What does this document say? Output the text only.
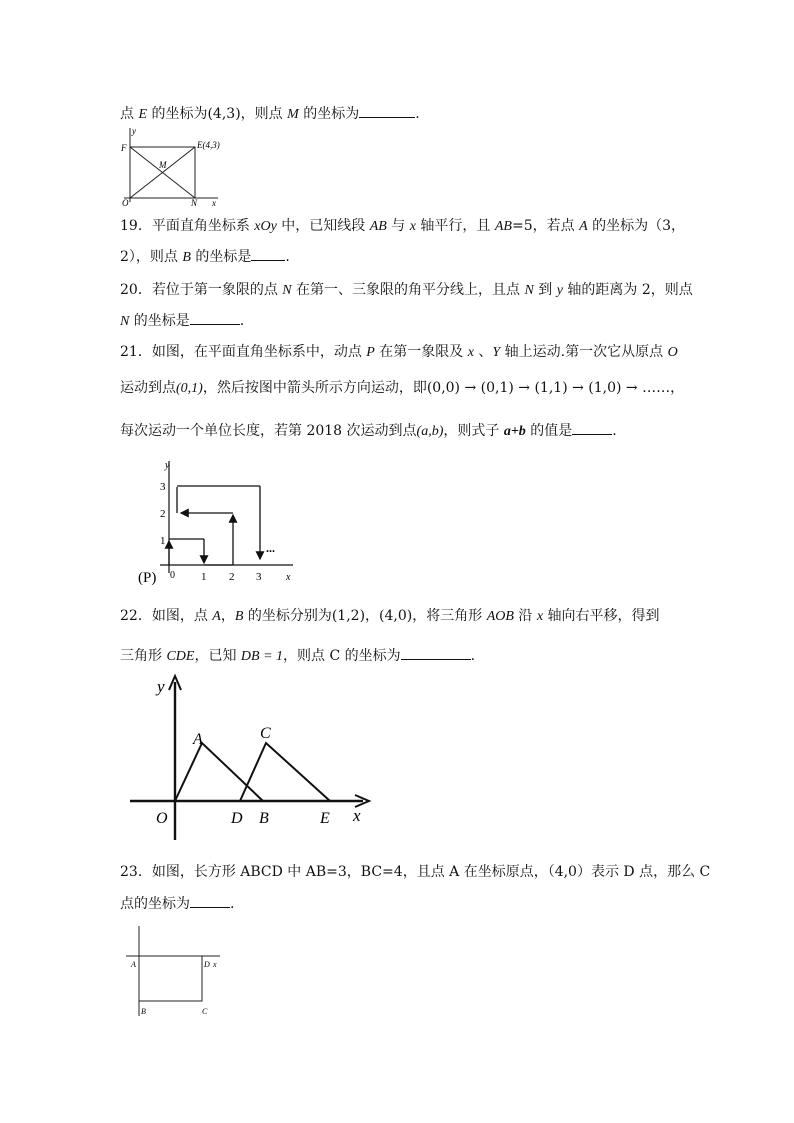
点 E 的坐标为(4,3)，则点 M 的坐标为	.
y
F	E(4,3)
M
O	N x
19．平面直角坐标系 xOy 中，已知线段 AB 与 x 轴平行，且 AB=5，若点 A 的坐标为（3，
2），则点 B 的坐标是 .
20．若位于第一象限的点 N 在第一、三象限的角平分线上，且点 N 到 y 轴的距离为 2，则点
N 的坐标是	.
21．如图，在平面直角坐标系中，动点 P 在第一象限及 x 、Y 轴上运动.第一次它从原点 O
运动到点(0,1)，然后按图中箭头所示方向运动，即(0,0) → (0,1) → (1,1) → (1,0) → ……，
每次运动一个单位长度，若第 2018 次运动到点(a,b)，则式子 a+b 的值是	.
y
3
2
1
0 1 2 3 x
...
(P)
22．如图，点 A，B 的坐标分别为(1,2)，(4,0)，将三角形 AOB 沿 x 轴向右平移，得到
三角形 CDE，已知 DB = 1，则点 C 的坐标为	.
y
A	C
O	D B	E x
23．如图，长方形 ABCD 中 AB=3，BC=4，且点 A 在坐标原点，（4,0）表示 D 点，那么 C
点的坐标为	.
A	D x
B	C
